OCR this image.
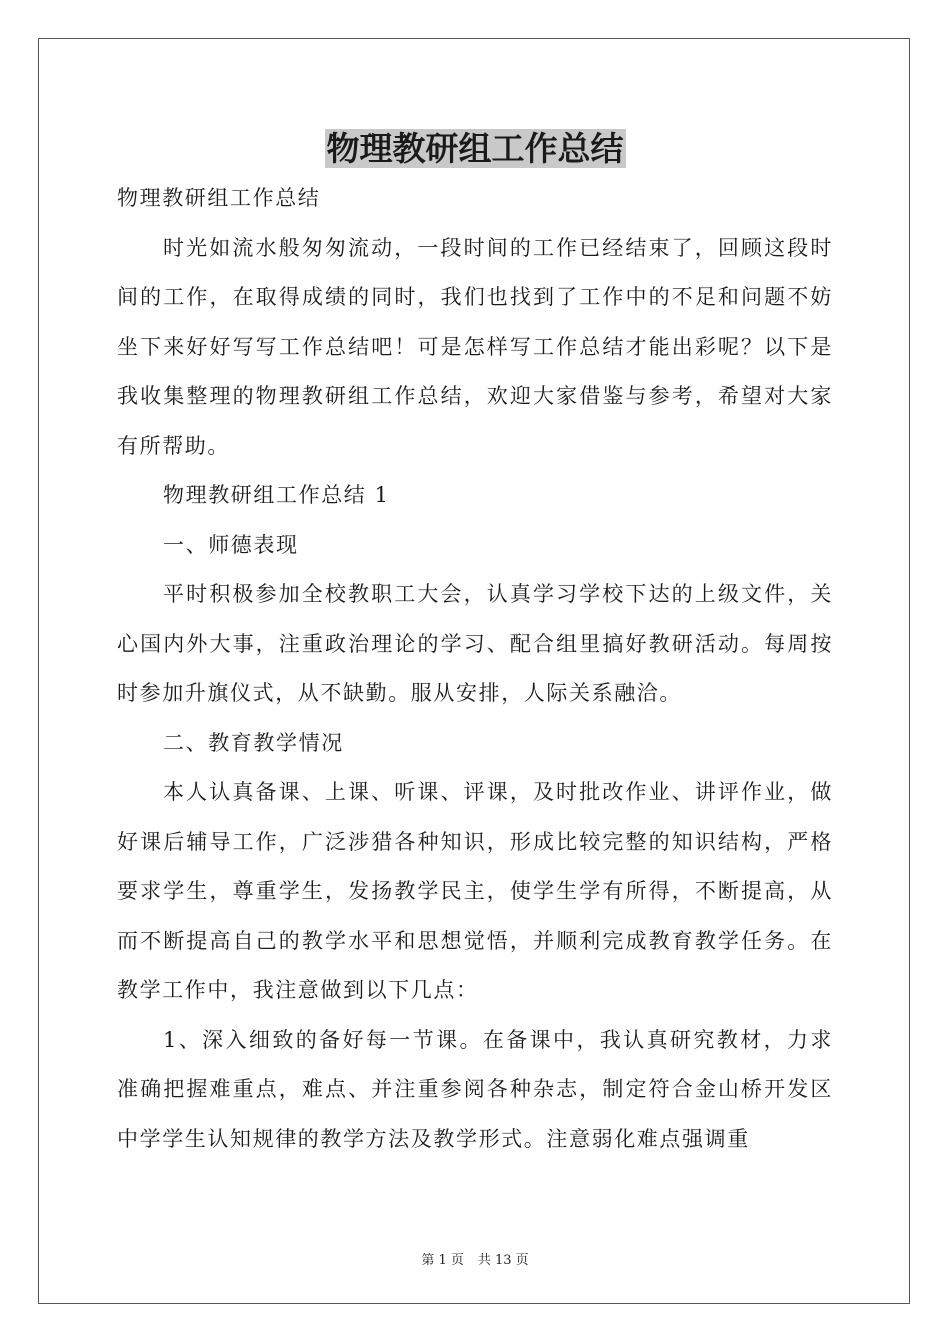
物理教研组工作总结

物理教研组工作总结

时光如流水般匆匆流动，一段时间的工作已经结束了，回顾这段时间的工作，在取得成绩的同时，我们也找到了工作中的不足和问题不妨坐下来好好写写工作总结吧！可是怎样写工作总结才能出彩呢？以下是我收集整理的物理教研组工作总结，欢迎大家借鉴与参考，希望对大家有所帮助。

物理教研组工作总结 1

一、师德表现

平时积极参加全校教职工大会，认真学习学校下达的上级文件，关心国内外大事，注重政治理论的学习、配合组里搞好教研活动。每周按时参加升旗仪式，从不缺勤。服从安排，人际关系融洽。

二、教育教学情况

本人认真备课、上课、听课、评课，及时批改作业、讲评作业，做好课后辅导工作，广泛涉猎各种知识，形成比较完整的知识结构，严格要求学生，尊重学生，发扬教学民主，使学生学有所得，不断提高，从而不断提高自己的教学水平和思想觉悟，并顺利完成教育教学任务。在教学工作中，我注意做到以下几点：

1、深入细致的备好每一节课。在备课中，我认真研究教材，力求准确把握难重点，难点、并注重参阅各种杂志，制定符合金山桥开发区中学学生认知规律的教学方法及教学形式。注意弱化难点强调重

第 1 页 共 13 页
